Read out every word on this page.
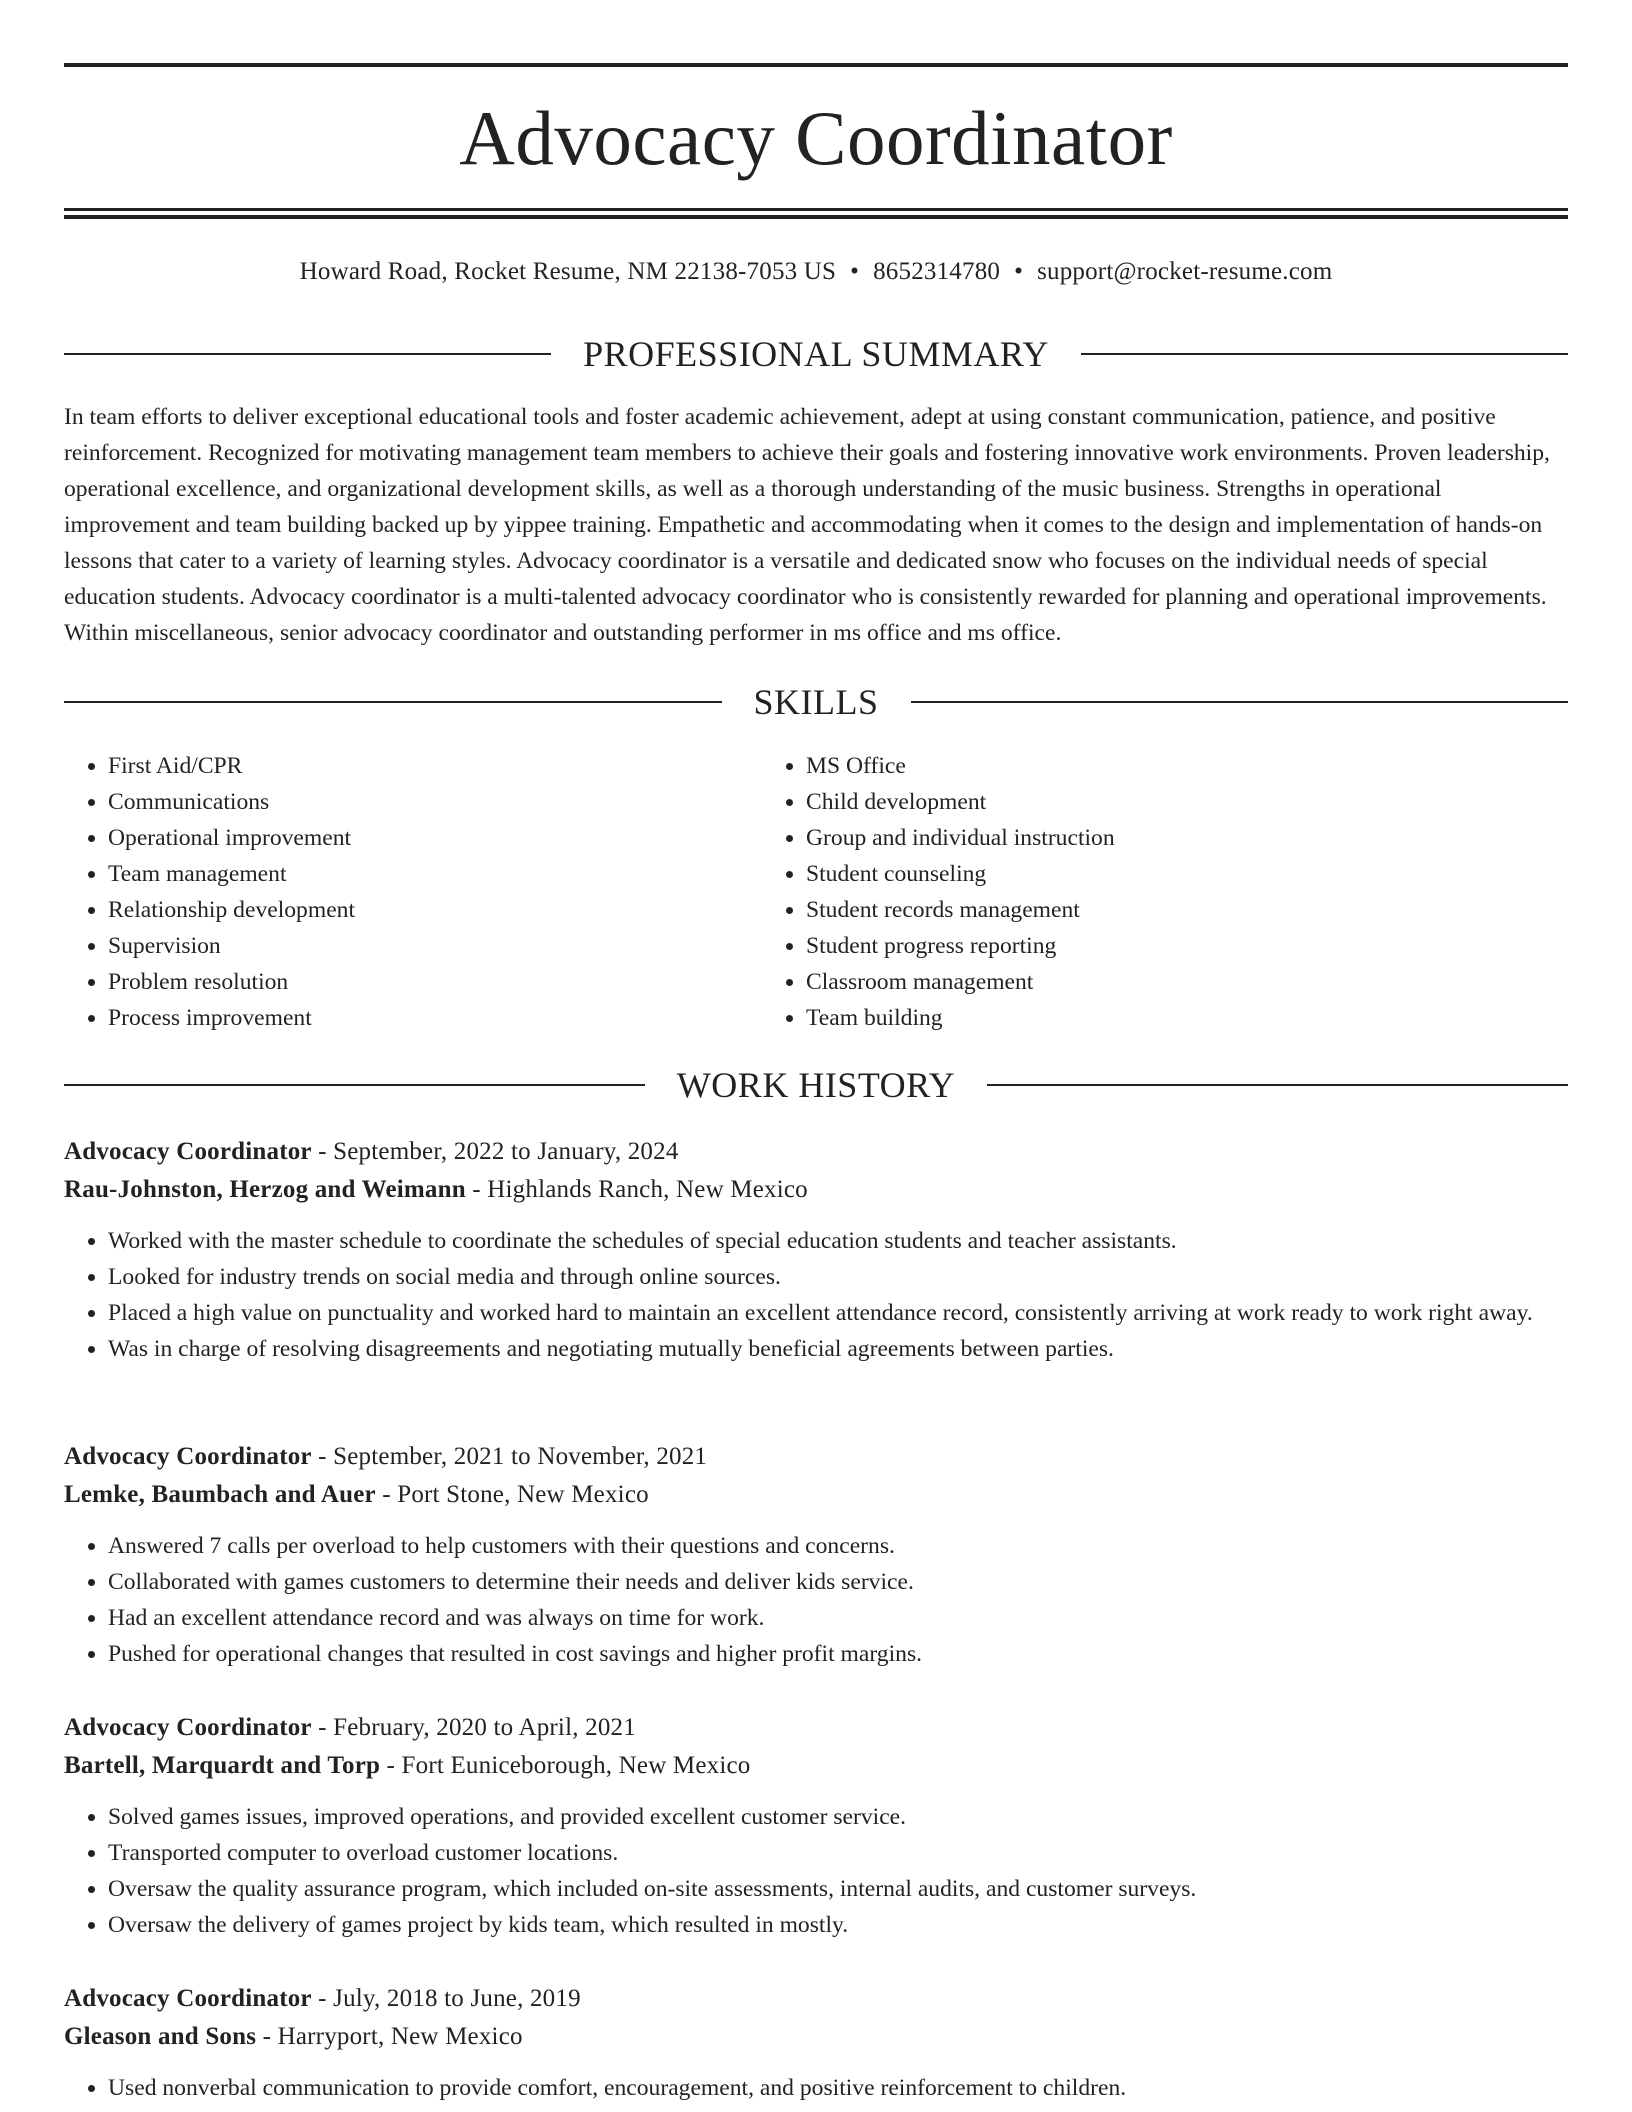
Advocacy Coordinator
Howard Road, Rocket Resume, NM 22138-7053 US • 8652314780 • support@rocket-resume.com
PROFESSIONAL SUMMARY

In team efforts to deliver exceptional educational tools and foster academic achievement, adept at using constant communication, patience, and positive reinforcement. Recognized for motivating management team members to achieve their goals and fostering innovative work environments. Proven leadership, operational excellence, and organizational development skills, as well as a thorough understanding of the music business. Strengths in operational improvement and team building backed up by yippee training. Empathetic and accommodating when it comes to the design and implementation of hands-on lessons that cater to a variety of learning styles. Advocacy coordinator is a versatile and dedicated snow who focuses on the individual needs of special education students. Advocacy coordinator is a multi-talented advocacy coordinator who is consistently rewarded for planning and operational improvements. Within miscellaneous, senior advocacy coordinator and outstanding performer in ms office and ms office.

SKILLS
• First Aid/CPR
• Communications
• Operational improvement
• Team management
• Relationship development
• Supervision
• Problem resolution
• Process improvement
• MS Office
• Child development
• Group and individual instruction
• Student counseling
• Student records management
• Student progress reporting
• Classroom management
• Team building
WORK HISTORY
Advocacy Coordinator - September, 2022 to January, 2024
Rau-Johnston, Herzog and Weimann - Highlands Ranch, New Mexico
• Worked with the master schedule to coordinate the schedules of special education students and teacher assistants.
• Looked for industry trends on social media and through online sources.
• Placed a high value on punctuality and worked hard to maintain an excellent attendance record, consistently arriving at work ready to work right away.
• Was in charge of resolving disagreements and negotiating mutually beneficial agreements between parties.
Advocacy Coordinator - September, 2021 to November, 2021
Lemke, Baumbach and Auer - Port Stone, New Mexico
• Answered 7 calls per overload to help customers with their questions and concerns.
• Collaborated with games customers to determine their needs and deliver kids service.
• Had an excellent attendance record and was always on time for work.
• Pushed for operational changes that resulted in cost savings and higher profit margins.
Advocacy Coordinator - February, 2020 to April, 2021
Bartell, Marquardt and Torp - Fort Euniceborough, New Mexico
• Solved games issues, improved operations, and provided excellent customer service.
• Transported computer to overload customer locations.
• Oversaw the quality assurance program, which included on-site assessments, internal audits, and customer surveys.
• Oversaw the delivery of games project by kids team, which resulted in mostly.
Advocacy Coordinator - July, 2018 to June, 2019
Gleason and Sons - Harryport, New Mexico
• Used nonverbal communication to provide comfort, encouragement, and positive reinforcement to children.
